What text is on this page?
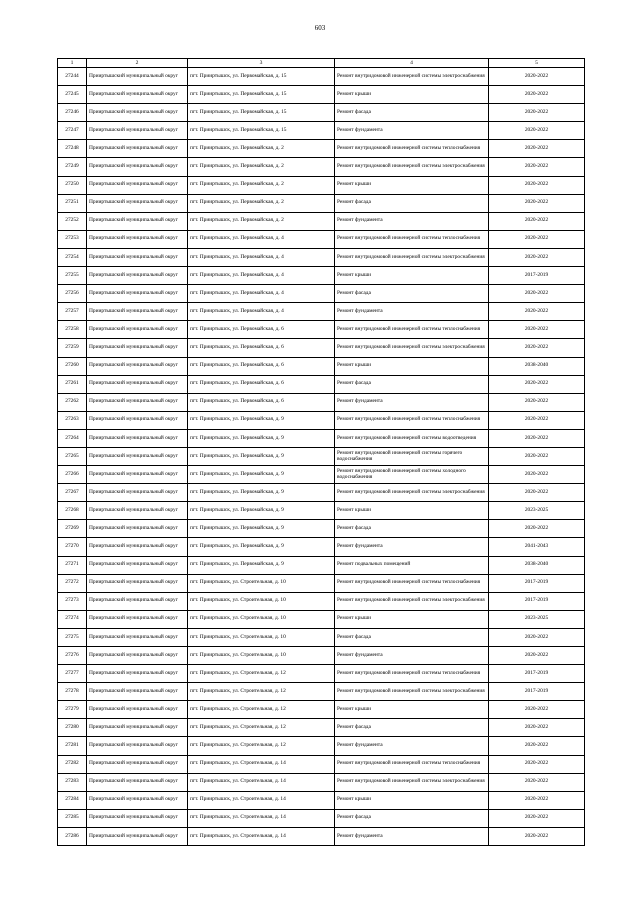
603
1	2	3	4	5
27244	Прииртышский муниципальный округ	пгт. Прииртышск, ул. Первомайская, д. 15	Ремонт внутридомовой инженерной системы электроснабжения	2020-2022
27245	Прииртышский муниципальный округ	пгт. Прииртышск, ул. Первомайская, д. 15	Ремонт крыши	2020-2022
27246	Прииртышский муниципальный округ	пгт. Прииртышск, ул. Первомайская, д. 15	Ремонт фасада	2020-2022
27247	Прииртышский муниципальный округ	пгт. Прииртышск, ул. Первомайская, д. 15	Ремонт фундамента	2020-2022
27248	Прииртышский муниципальный округ	пгт. Прииртышск, ул. Первомайская, д. 2	Ремонт внутридомовой инженерной системы теплоснабжения	2020-2022
27249	Прииртышский муниципальный округ	пгт. Прииртышск, ул. Первомайская, д. 2	Ремонт внутридомовой инженерной системы электроснабжения	2020-2022
27250	Прииртышский муниципальный округ	пгт. Прииртышск, ул. Первомайская, д. 2	Ремонт крыши	2020-2022
27251	Прииртышский муниципальный округ	пгт. Прииртышск, ул. Первомайская, д. 2	Ремонт фасада	2020-2022
27252	Прииртышский муниципальный округ	пгт. Прииртышск, ул. Первомайская, д. 2	Ремонт фундамента	2020-2022
27253	Прииртышский муниципальный округ	пгт. Прииртышск, ул. Первомайская, д. 4	Ремонт внутридомовой инженерной системы теплоснабжения	2020-2022
27254	Прииртышский муниципальный округ	пгт. Прииртышск, ул. Первомайская, д. 4	Ремонт внутридомовой инженерной системы электроснабжения	2020-2022
27255	Прииртышский муниципальный округ	пгт. Прииртышск, ул. Первомайская, д. 4	Ремонт крыши	2017-2019
27256	Прииртышский муниципальный округ	пгт. Прииртышск, ул. Первомайская, д. 4	Ремонт фасада	2020-2022
27257	Прииртышский муниципальный округ	пгт. Прииртышск, ул. Первомайская, д. 4	Ремонт фундамента	2020-2022
27258	Прииртышский муниципальный округ	пгт. Прииртышск, ул. Первомайская, д. 6	Ремонт внутридомовой инженерной системы теплоснабжения	2020-2022
27259	Прииртышский муниципальный округ	пгт. Прииртышск, ул. Первомайская, д. 6	Ремонт внутридомовой инженерной системы электроснабжения	2020-2022
27260	Прииртышский муниципальный округ	пгт. Прииртышск, ул. Первомайская, д. 6	Ремонт крыши	2038-2040
27261	Прииртышский муниципальный округ	пгт. Прииртышск, ул. Первомайская, д. 6	Ремонт фасада	2020-2022
27262	Прииртышский муниципальный округ	пгт. Прииртышск, ул. Первомайская, д. 6	Ремонт фундамента	2020-2022
27263	Прииртышский муниципальный округ	пгт. Прииртышск, ул. Первомайская, д. 9	Ремонт внутридомовой инженерной системы теплоснабжения	2020-2022
27264	Прииртышский муниципальный округ	пгт. Прииртышск, ул. Первомайская, д. 9	Ремонт внутридомовой инженерной системы водоотведения	2020-2022
27265	Прииртышский муниципальный округ	пгт. Прииртышск, ул. Первомайская, д. 9	Ремонт внутридомовой инженерной системы горячего водоснабжения	2020-2022
27266	Прииртышский муниципальный округ	пгт. Прииртышск, ул. Первомайская, д. 9	Ремонт внутридомовой инженерной системы холодного водоснабжения	2020-2022
27267	Прииртышский муниципальный округ	пгт. Прииртышск, ул. Первомайская, д. 9	Ремонт внутридомовой инженерной системы электроснабжения	2020-2022
27268	Прииртышский муниципальный округ	пгт. Прииртышск, ул. Первомайская, д. 9	Ремонт крыши	2023-2025
27269	Прииртышский муниципальный округ	пгт. Прииртышск, ул. Первомайская, д. 9	Ремонт фасада	2020-2022
27270	Прииртышский муниципальный округ	пгт. Прииртышск, ул. Первомайская, д. 9	Ремонт фундамента	2041-2043
27271	Прииртышский муниципальный округ	пгт. Прииртышск, ул. Первомайская, д. 9	Ремонт подвальных помещений	2038-2040
27272	Прииртышский муниципальный округ	пгт. Прииртышск, ул. Строительная, д. 10	Ремонт внутридомовой инженерной системы теплоснабжения	2017-2019
27273	Прииртышский муниципальный округ	пгт. Прииртышск, ул. Строительная, д. 10	Ремонт внутридомовой инженерной системы электроснабжения	2017-2019
27274	Прииртышский муниципальный округ	пгт. Прииртышск, ул. Строительная, д. 10	Ремонт крыши	2023-2025
27275	Прииртышский муниципальный округ	пгт. Прииртышск, ул. Строительная, д. 10	Ремонт фасада	2020-2022
27276	Прииртышский муниципальный округ	пгт. Прииртышск, ул. Строительная, д. 10	Ремонт фундамента	2020-2022
27277	Прииртышский муниципальный округ	пгт. Прииртышск, ул. Строительная, д. 12	Ремонт внутридомовой инженерной системы теплоснабжения	2017-2019
27278	Прииртышский муниципальный округ	пгт. Прииртышск, ул. Строительная, д. 12	Ремонт внутридомовой инженерной системы электроснабжения	2017-2019
27279	Прииртышский муниципальный округ	пгт. Прииртышск, ул. Строительная, д. 12	Ремонт крыши	2020-2022
27280	Прииртышский муниципальный округ	пгт. Прииртышск, ул. Строительная, д. 12	Ремонт фасада	2020-2022
27281	Прииртышский муниципальный округ	пгт. Прииртышск, ул. Строительная, д. 12	Ремонт фундамента	2020-2022
27282	Прииртышский муниципальный округ	пгт. Прииртышск, ул. Строительная, д. 14	Ремонт внутридомовой инженерной системы теплоснабжения	2020-2022
27283	Прииртышский муниципальный округ	пгт. Прииртышск, ул. Строительная, д. 14	Ремонт внутридомовой инженерной системы электроснабжения	2020-2022
27284	Прииртышский муниципальный округ	пгт. Прииртышск, ул. Строительная, д. 14	Ремонт крыши	2020-2022
27285	Прииртышский муниципальный округ	пгт. Прииртышск, ул. Строительная, д. 14	Ремонт фасада	2020-2022
27286	Прииртышский муниципальный округ	пгт. Прииртышск, ул. Строительная, д. 14	Ремонт фундамента	2020-2022
